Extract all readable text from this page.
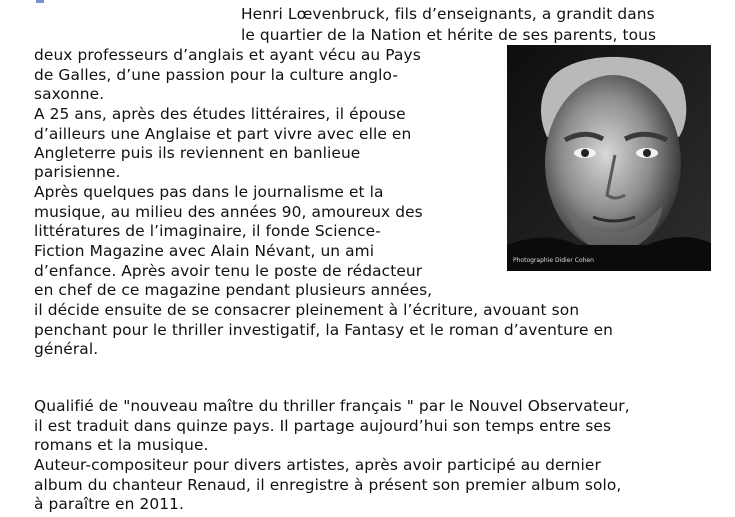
Henri Lœvenbruck, fils d’enseignants, a grandit dans
le quartier de la Nation et hérite de ses parents, tous
deux professeurs d’anglais et ayant vécu au Pays
de Galles, d’une passion pour la culture anglo-
saxonne.
A 25 ans, après des études littéraires, il épouse
d’ailleurs une Anglaise et part vivre avec elle en
Angleterre puis ils reviennent en banlieue
parisienne.
Après quelques pas dans le journalisme et la
musique, au milieu des années 90, amoureux des
littératures de l’imaginaire, il fonde Science-
Fiction Magazine avec Alain Névant, un ami
d’enfance. Après avoir tenu le poste de rédacteur
en chef de ce magazine pendant plusieurs années,
il décide ensuite de se consacrer pleinement à l’écriture, avouant son
penchant pour le thriller investigatif, la Fantasy et le roman d’aventure en
général.
Qualifié de "nouveau maître du thriller français " par le Nouvel Observateur,
il est traduit dans quinze pays. Il partage aujourd’hui son temps entre ses
romans et la musique.
Auteur-compositeur pour divers artistes, après avoir participé au dernier
album du chanteur Renaud, il enregistre à présent son premier album solo,
à paraître en 2011.
Photographie Didier Cohen
